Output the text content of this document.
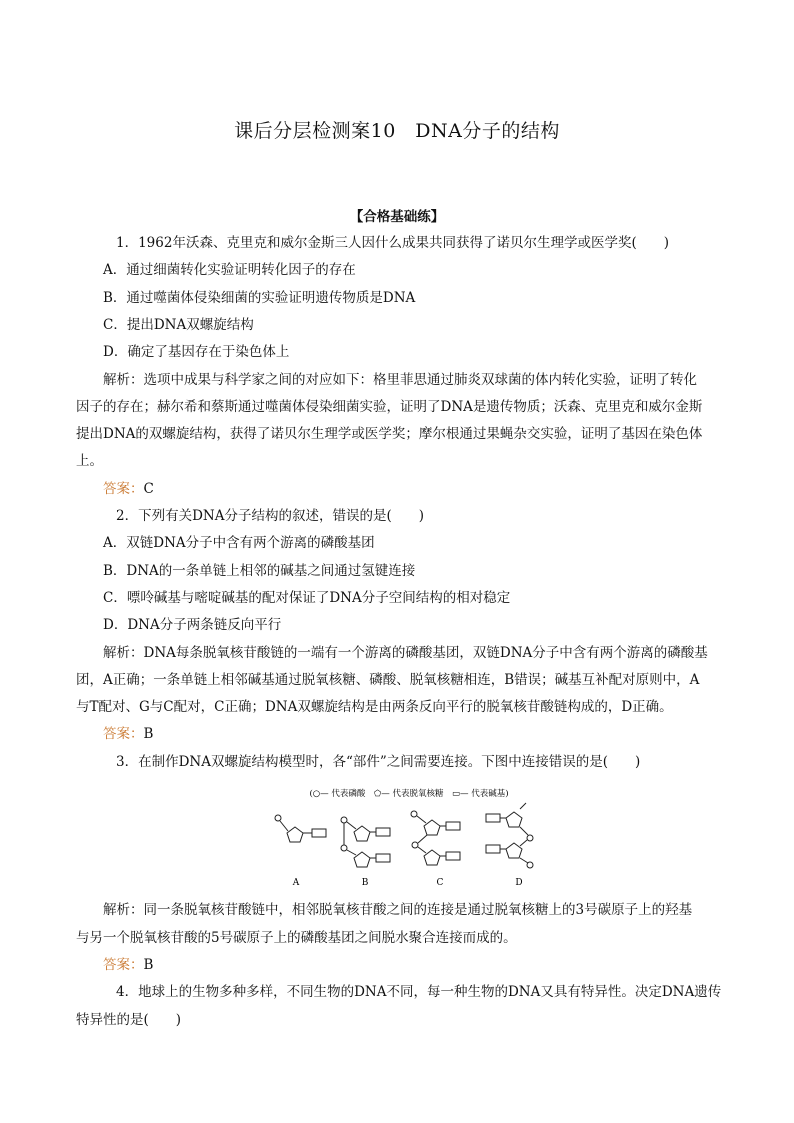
课后分层检测案10　DNA分子的结构
【合格基础练】
1．1962年沃森、克里克和威尔金斯三人因什么成果共同获得了诺贝尔生理学或医学奖(　　)
A．通过细菌转化实验证明转化因子的存在
B．通过噬菌体侵染细菌的实验证明遗传物质是DNA
C．提出DNA双螺旋结构
D．确定了基因存在于染色体上
解析：选项中成果与科学家之间的对应如下：格里菲思通过肺炎双球菌的体内转化实验，证明了转化
因子的存在；赫尔希和蔡斯通过噬菌体侵染细菌实验，证明了DNA是遗传物质；沃森、克里克和威尔金斯
提出DNA的双螺旋结构，获得了诺贝尔生理学或医学奖；摩尔根通过果蝇杂交实验，证明了基因在染色体
上。
答案：C
2．下列有关DNA分子结构的叙述，错误的是(　　)
A．双链DNA分子中含有两个游离的磷酸基团
B．DNA的一条单链上相邻的碱基之间通过氢键连接
C．嘌呤碱基与嘧啶碱基的配对保证了DNA分子空间结构的相对稳定
D．DNA分子两条链反向平行
解析：DNA每条脱氧核苷酸链的一端有一个游离的磷酸基团，双链DNA分子中含有两个游离的磷酸基
团，A正确；一条单链上相邻碱基通过脱氧核糖、磷酸、脱氧核糖相连，B错误；碱基互补配对原则中，A
与T配对、G与C配对，C正确；DNA双螺旋结构是由两条反向平行的脱氧核苷酸链构成的，D正确。
答案：B
3．在制作DNA双螺旋结构模型时，各“部件”之间需要连接。下图中连接错误的是(　　)
(○— 代表磷酸　⬠— 代表脱氧核糖　▭— 代表碱基)
A	B	C	D
解析：同一条脱氧核苷酸链中，相邻脱氧核苷酸之间的连接是通过脱氧核糖上的3号碳原子上的羟基
与另一个脱氧核苷酸的5号碳原子上的磷酸基团之间脱水聚合连接而成的。
答案：B
4．地球上的生物多种多样，不同生物的DNA不同，每一种生物的DNA又具有特异性。决定DNA遗传
特异性的是(　　)
